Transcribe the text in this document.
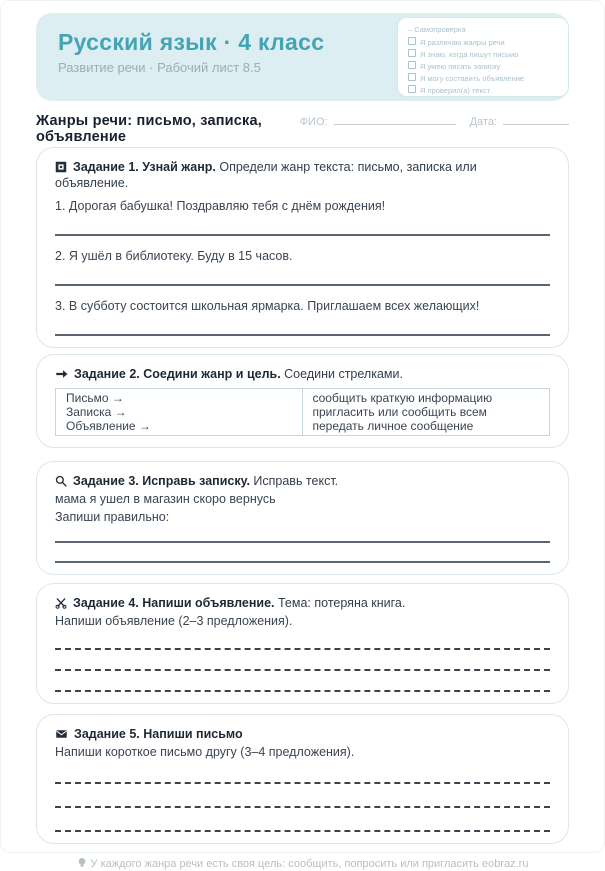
Русский язык · 4 класс
Развитие речи · Рабочий лист 8.5
– Самопроверка
Я различаю жанры речи
Я знаю, когда пишут письмо
Я умею писать записку
Я могу составить объявление
Я проверил(а) текст
Жанры речи: письмо, записка, объявление
ФИО:	Дата:
Задание 1. Узнай жанр. Определи жанр текста: письмо, записка или объявление.
1. Дорогая бабушка! Поздравляю тебя с днём рождения!
2. Я ушёл в библиотеку. Буду в 15 часов.
3. В субботу состоится школьная ярмарка. Приглашаем всех желающих!
Задание 2. Соедини жанр и цель. Соедини стрелками.
Письмо →
Записка →
Объявление →
сообщить краткую информацию
пригласить или сообщить всем
передать личное сообщение
Задание 3. Исправь записку. Исправь текст.
мама я ушел в магазин скоро вернусь
Запиши правильно:
Задание 4. Напиши объявление. Тема: потеряна книга.
Напиши объявление (2–3 предложения).
Задание 5. Напиши письмо
Напиши короткое письмо другу (3–4 предложения).
У каждого жанра речи есть своя цель: сообщить, попросить или пригласить eobraz.ru
